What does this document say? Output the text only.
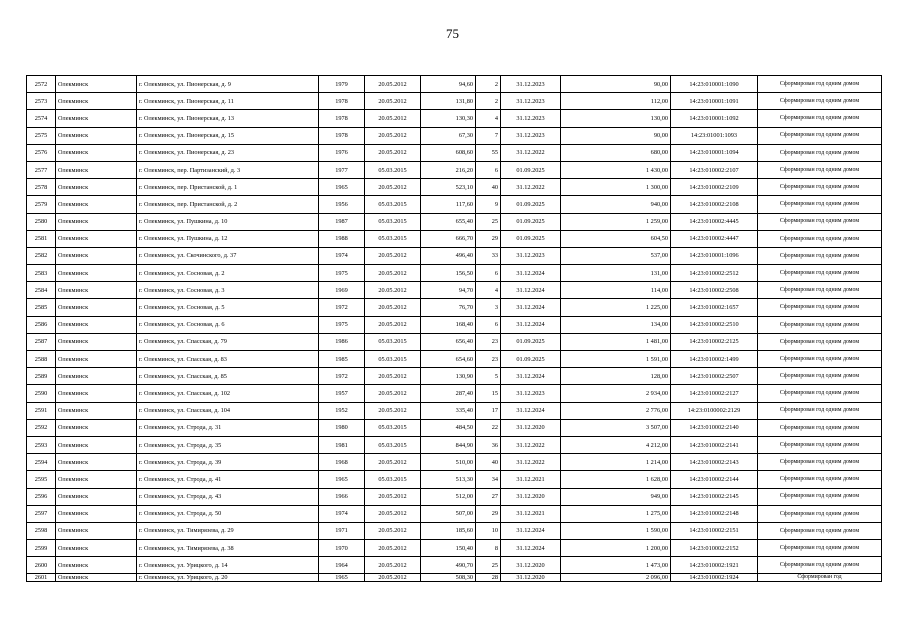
75
2572	Олекминск	г. Олекминск, ул. Пионерская, д. 9	1979	20.05.2012	94,60	2	31.12.2023	90,00	14:23:010001:1090	Сформирован год одним домом
2573	Олекминск	г. Олекминск, ул. Пионерская, д. 11	1978	20.05.2012	131,80	2	31.12.2023	112,00	14:23:010001:1091	Сформирован год одним домом
2574	Олекминск	г. Олекминск, ул. Пионерская, д. 13	1978	20.05.2012	130,30	4	31.12.2023	130,00	14:23:010001:1092	Сформирован год одним домом
2575	Олекминск	г. Олекминск, ул. Пионерская, д. 15	1978	20.05.2012	67,30	7	31.12.2023	90,00	14:23:01001:1093	Сформирован год одним домом
2576	Олекминск	г. Олекминск, ул. Пионерская, д. 23	1976	20.05.2012	608,60	55	31.12.2022	680,00	14:23:010001:1094	Сформирован год одним домом
2577	Олекминск	г. Олекминск, пер. Партизанский, д. 3	1977	05.03.2015	216,20	6	01.09.2025	1 430,00	14:23:010002:2107	Сформирован год одним домом
2578	Олекминск	г. Олекминск, пер. Пристанской, д. 1	1965	20.05.2012	523,10	40	31.12.2022	1 300,00	14:23:010002:2109	Сформирован год одним домом
2579	Олекминск	г. Олекминск, пер. Пристанской, д. 2	1956	05.03.2015	117,60	9	01.09.2025	940,00	14:23:010002:2108	Сформирован год одним домом
2580	Олекминск	г. Олекминск, ул. Пушкина, д. 10	1987	05.03.2015	655,40	25	01.09.2025	1 259,00	14:23:010002:4445	Сформирован год одним домом
2581	Олекминск	г. Олекминск, ул. Пушкина, д. 12	1988	05.03.2015	666,70	29	01.09.2025	604,50	14:23:010002:4447	Сформирован год одним домом
2582	Олекминск	г. Олекминск, ул. Скочинского, д. 37	1974	20.05.2012	496,40	33	31.12.2023	537,00	14:23:010001:1096	Сформирован год одним домом
2583	Олекминск	г. Олекминск, ул. Сосновая, д. 2	1975	20.05.2012	156,50	6	31.12.2024	131,00	14:23:010002:2512	Сформирован год одним домом
2584	Олекминск	г. Олекминск, ул. Сосновая, д. 3	1969	20.05.2012	94,70	4	31.12.2024	114,00	14:23:010002:2508	Сформирован год одним домом
2585	Олекминск	г. Олекминск, ул. Сосновая, д. 5	1972	20.05.2012	76,70	3	31.12.2024	1 225,00	14:23:010002:1657	Сформирован год одним домом
2586	Олекминск	г. Олекминск, ул. Сосновая, д. 6	1975	20.05.2012	168,40	6	31.12.2024	134,00	14:23:010002:2510	Сформирован год одним домом
2587	Олекминск	г. Олекминск, ул. Спасская, д. 79	1986	05.03.2015	656,40	23	01.09.2025	1 481,00	14:23:010002:2125	Сформирован год одним домом
2588	Олекминск	г. Олекминск, ул. Спасская, д. 83	1985	05.03.2015	654,60	23	01.09.2025	1 591,00	14:23:010002:1499	Сформирован год одним домом
2589	Олекминск	г. Олекминск, ул. Спасская, д. 85	1972	20.05.2012	130,90	5	31.12.2024	128,00	14:23:010002:2507	Сформирован год одним домом
2590	Олекминск	г. Олекминск, ул. Спасская, д. 102	1957	20.05.2012	287,40	15	31.12.2023	2 934,00	14:23:010002:2127	Сформирован год одним домом
2591	Олекминск	г. Олекминск, ул. Спасская, д. 104	1952	20.05.2012	335,40	17	31.12.2024	2 776,00	14:23:0100002:2129	Сформирован год одним домом
2592	Олекминск	г. Олекминск, ул. Строда, д. 31	1980	05.03.2015	484,50	22	31.12.2020	3 507,00	14:23:010002:2140	Сформирован год одним домом
2593	Олекминск	г. Олекминск, ул. Строда, д. 35	1981	05.03.2015	844,90	36	31.12.2022	4 212,00	14:23:010002:2141	Сформирован год одним домом
2594	Олекминск	г. Олекминск, ул. Строда, д. 39	1968	20.05.2012	510,00	40	31.12.2022	1 214,00	14:23:010002:2143	Сформирован год одним домом
2595	Олекминск	г. Олекминск, ул. Строда, д. 41	1965	05.03.2015	513,30	34	31.12.2021	1 628,00	14:23:010002:2144	Сформирован год одним домом
2596	Олекминск	г. Олекминск, ул. Строда, д. 43	1966	20.05.2012	512,00	27	31.12.2020	949,00	14:23:010002:2145	Сформирован год одним домом
2597	Олекминск	г. Олекминск, ул. Строда, д. 50	1974	20.05.2012	507,00	29	31.12.2021	1 275,00	14:23:010002:2148	Сформирован год одним домом
2598	Олекминск	г. Олекминск, ул. Тимирязева, д. 29	1971	20.05.2012	185,60	10	31.12.2024	1 590,00	14:23:010002:2151	Сформирован год одним домом
2599	Олекминск	г. Олекминск, ул. Тимирязева, д. 38	1970	20.05.2012	150,40	8	31.12.2024	1 200,00	14:23:010002:2152	Сформирован год одним домом
2600	Олекминск	г. Олекминск, ул. Урицкого, д. 14	1964	20.05.2012	490,70	25	31.12.2020	1 473,00	14:23:010002:1921	Сформирован год одним домом
2601	Олекминск	г. Олекминск, ул. Урицкого, д. 20	1965	20.05.2012	508,30	28	31.12.2020	2 096,00	14:23:010002:1924	Сформирован год
